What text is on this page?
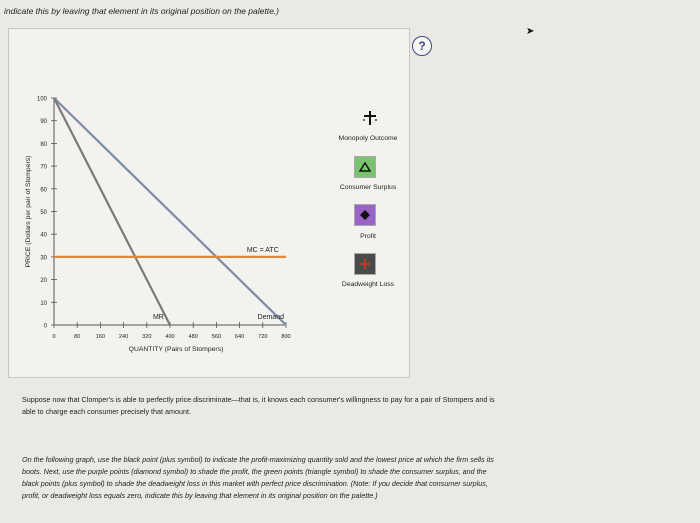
indicate this by leaving that element in its original position on the palette.)
?
➤
0
10
20
30
40
50
60
70
80
90
100
0	80	160 240 320 400 480 560 640 720 800
Demand
MR
MC = ATC
QUANTITY (Pairs of Stompers)
PRICE (Dollars per pair of Stompers)
Monopoly Outcome
Consumer Surplus
Profit
Deadweight Loss
Suppose now that Clomper's is able to perfectly price discriminate—that is, it knows each consumer's willingness to pay for a pair of Stompers and is
able to charge each consumer precisely that amount.
On the following graph, use the black point (plus symbol) to indicate the profit-maximizing quantity sold and the lowest price at which the firm sells its
boots. Next, use the purple points (diamond symbol) to shade the profit, the green points (triangle symbol) to shade the consumer surplus, and the
black points (plus symbol) to shade the deadweight loss in this market with perfect price discrimination. (Note: If you decide that consumer surplus,
profit, or deadweight loss equals zero, indicate this by leaving that element in its original position on the palette.)
